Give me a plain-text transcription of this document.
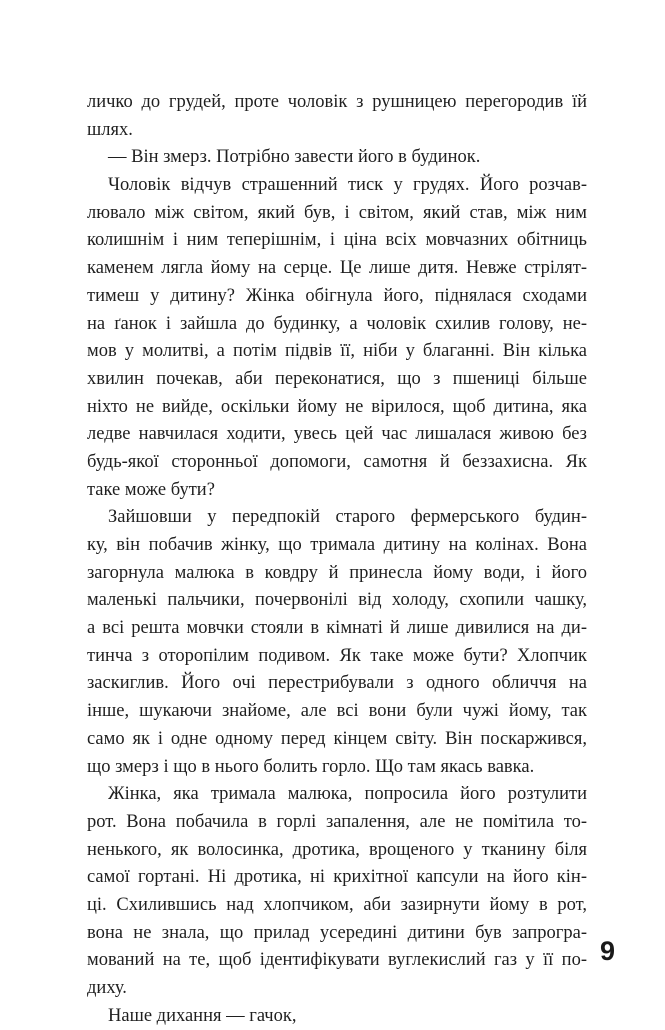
личко до грудей, проте чоловік з рушницею перегородив їй
шлях.
— Він змерз. Потрібно завести його в будинок.
Чоловік відчув страшенний тиск у грудях. Його розчав-
лювало між світом, який був, і світом, який став, між ним
колишнім і ним теперішнім, і ціна всіх мовчазних обітниць
каменем лягла йому на серце. Це лише дитя. Невже стрілят-
тимеш у дитину? Жінка обігнула його, піднялася сходами
на ґанок і зайшла до будинку, а чоловік схилив голову, не-
мов у молитві, а потім підвів її, ніби у благанні. Він кілька
хвилин почекав, аби переконатися, що з пшениці більше
ніхто не вийде, оскільки йому не вірилося, щоб дитина, яка
ледве навчилася ходити, увесь цей час лишалася живою без
будь-якої сторонньої допомоги, самотня й беззахисна. Як
таке може бути?
Зайшовши у передпокій старого фермерського будин-
ку, він побачив жінку, що тримала дитину на колінах. Вона
загорнула малюка в ковдру й принесла йому води, і його
маленькі пальчики, почервонілі від холоду, схопили чашку,
а всі решта мовчки стояли в кімнаті й лише дивилися на ди-
тинча з оторопілим подивом. Як таке може бути? Хлопчик
заскиглив. Його очі перестрибували з одного обличчя на
інше, шукаючи знайоме, але всі вони були чужі йому, так
само як і одне одному перед кінцем світу. Він поскаржився,
що змерз і що в нього болить горло. Що там якась вавка.
Жінка, яка тримала малюка, попросила його розтулити
рот. Вона побачила в горлі запалення, але не помітила то-
ненького, як волосинка, дротика, врощеного у тканину біля
самої гортані. Ні дротика, ні крихітної капсули на його кін-
ці. Схилившись над хлопчиком, аби зазирнути йому в рот,
вона не знала, що прилад усередині дитини був запрогра-
мований на те, щоб ідентифікувати вуглекислий газ у її по-
диху.
Наше дихання — гачок,
9
